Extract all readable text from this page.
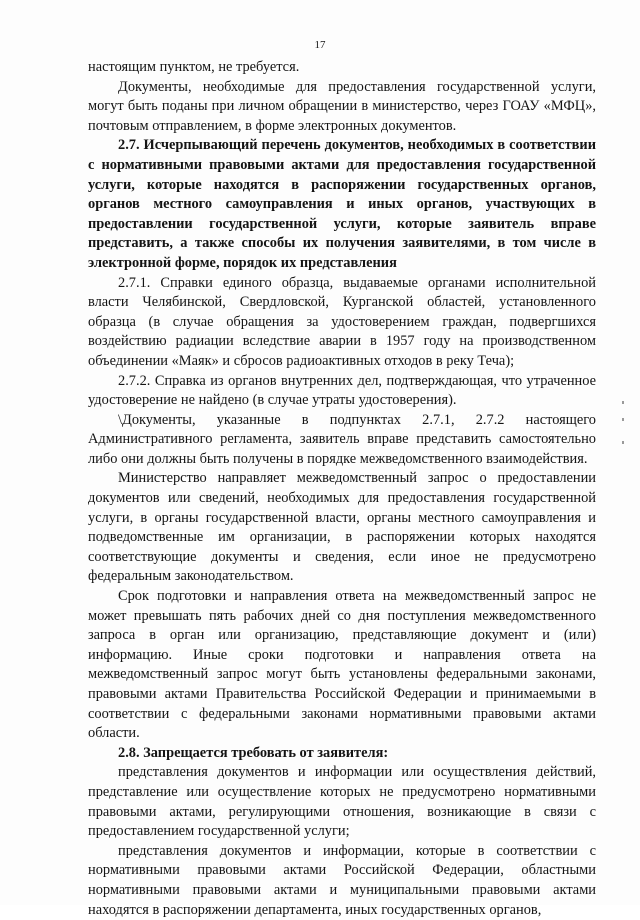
17

настоящим пунктом, не требуется.

Документы, необходимые для предоставления государственной услуги, могут быть поданы при личном обращении в министерство, через ГОАУ «МФЦ», почтовым отправлением, в форме электронных документов.

2.7. Исчерпывающий перечень документов, необходимых в соответствии с нормативными правовыми актами для предоставления государственной услуги, которые находятся в распоряжении государственных органов, органов местного самоуправления и иных органов, участвующих в предоставлении государственной услуги, которые заявитель вправе представить, а также способы их получения заявителями, в том числе в электронной форме, порядок их представления

2.7.1. Справки единого образца, выдаваемые органами исполнительной власти Челябинской, Свердловской, Курганской областей, установленного образца (в случае обращения за удостоверением граждан, подвергшихся воздействию радиации вследствие аварии в 1957 году на производственном объединении «Маяк» и сбросов радиоактивных отходов в реку Теча);

2.7.2. Справка из органов внутренних дел, подтверждающая, что утраченное удостоверение не найдено (в случае утраты удостоверения).

\Документы, указанные в подпунктах 2.7.1, 2.7.2 настоящего Административного регламента, заявитель вправе представить самостоятельно либо они должны быть получены в порядке межведомственного взаимодействия.

Министерство направляет межведомственный запрос о предоставлении документов или сведений, необходимых для предоставления государственной услуги, в органы государственной власти, органы местного самоуправления и подведомственные им организации, в распоряжении которых находятся соответствующие документы и сведения, если иное не предусмотрено федеральным законодательством.

Срок подготовки и направления ответа на межведомственный запрос не может превышать пять рабочих дней со дня поступления межведомственного запроса в орган или организацию, представляющие документ и (или) информацию. Иные сроки подготовки и направления ответа на межведомственный запрос могут быть установлены федеральными законами, правовыми актами Правительства Российской Федерации и принимаемыми в соответствии с федеральными законами нормативными правовыми актами области.

2.8. Запрещается требовать от заявителя:

представления документов и информации или осуществления действий, представление или осуществление которых не предусмотрено нормативными правовыми актами, регулирующими отношения, возникающие в связи с предоставлением государственной услуги;

представления документов и информации, которые в соответствии с нормативными правовыми актами Российской Федерации, областными нормативными правовыми актами и муниципальными правовыми актами находятся в распоряжении департамента, иных государственных органов,
